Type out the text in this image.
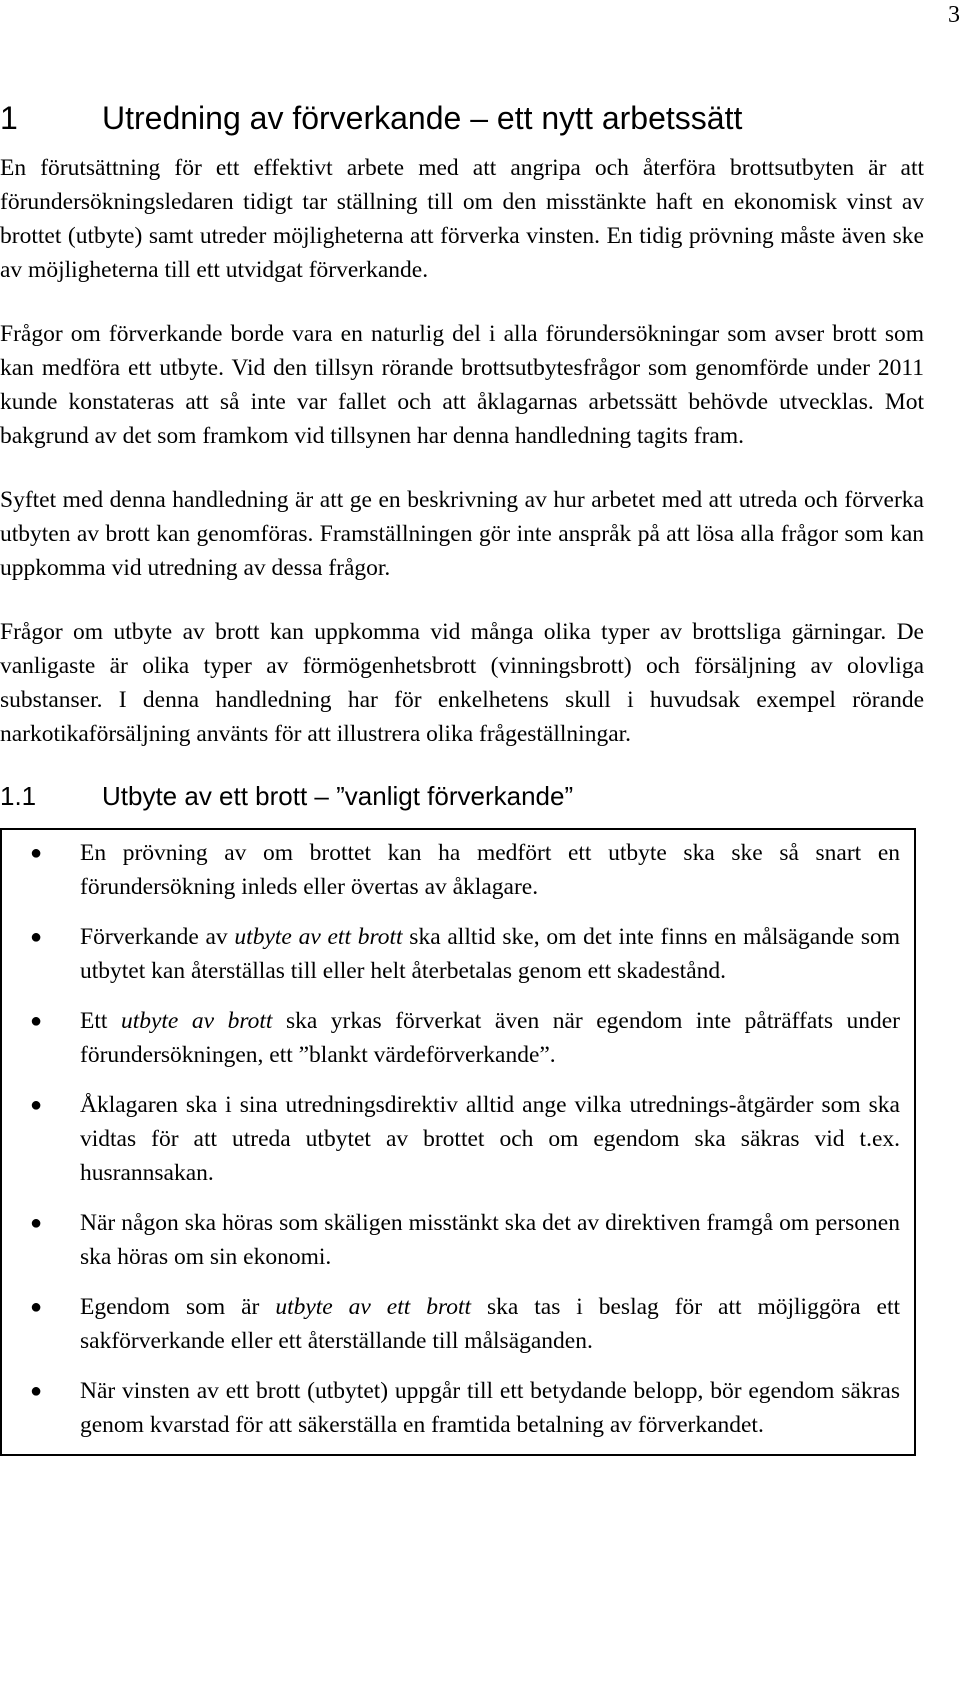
3
1	Utredning av förverkande – ett nytt arbetssätt

En förutsättning för ett effektivt arbete med att angripa och återföra brottsutbyten är att förundersökningsledaren tidigt tar ställning till om den misstänkte haft en ekonomisk vinst av brottet (utbyte) samt utreder möjligheterna att förverka vinsten. En tidig prövning måste även ske av möjligheterna till ett utvidgat förverkande.

Frågor om förverkande borde vara en naturlig del i alla förundersökningar som avser brott som kan medföra ett utbyte. Vid den tillsyn rörande brottsutbytesfrågor som genomförde under 2011 kunde konstateras att så inte var fallet och att åklagarnas arbetssätt behövde utvecklas. Mot bakgrund av det som framkom vid tillsynen har denna handledning tagits fram.

Syftet med denna handledning är att ge en beskrivning av hur arbetet med att utreda och förverka utbyten av brott kan genomföras. Framställningen gör inte anspråk på att lösa alla frågor som kan uppkomma vid utredning av dessa frågor.

Frågor om utbyte av brott kan uppkomma vid många olika typer av brottsliga gärningar. De vanligaste är olika typer av förmögenhetsbrott (vinningsbrott) och försäljning av olovliga substanser. I denna handledning har för enkelhetens skull i huvudsak exempel rörande narkotikaförsäljning använts för att illustrera olika frågeställningar.

1.1	Utbyte av ett brott – ”vanligt förverkande”
● En prövning av om brottet kan ha medfört ett utbyte ska ske så snart en förundersökning inleds eller övertas av åklagare.
● Förverkande av utbyte av ett brott ska alltid ske, om det inte finns en målsägande som utbytet kan återställas till eller helt återbetalas genom ett skadestånd.
● Ett utbyte av brott ska yrkas förverkat även när egendom inte påträffats under förundersökningen, ett ”blankt värdeförverkande”.
● Åklagaren ska i sina utredningsdirektiv alltid ange vilka utrednings-åtgärder som ska vidtas för att utreda utbytet av brottet och om egendom ska säkras vid t.ex. husrannsakan.
● När någon ska höras som skäligen misstänkt ska det av direktiven framgå om personen ska höras om sin ekonomi.
● Egendom som är utbyte av ett brott ska tas i beslag för att möjliggöra ett sakförverkande eller ett återställande till målsäganden.
● När vinsten av ett brott (utbytet) uppgår till ett betydande belopp, bör egendom säkras genom kvarstad för att säkerställa en framtida betalning av förverkandet.
